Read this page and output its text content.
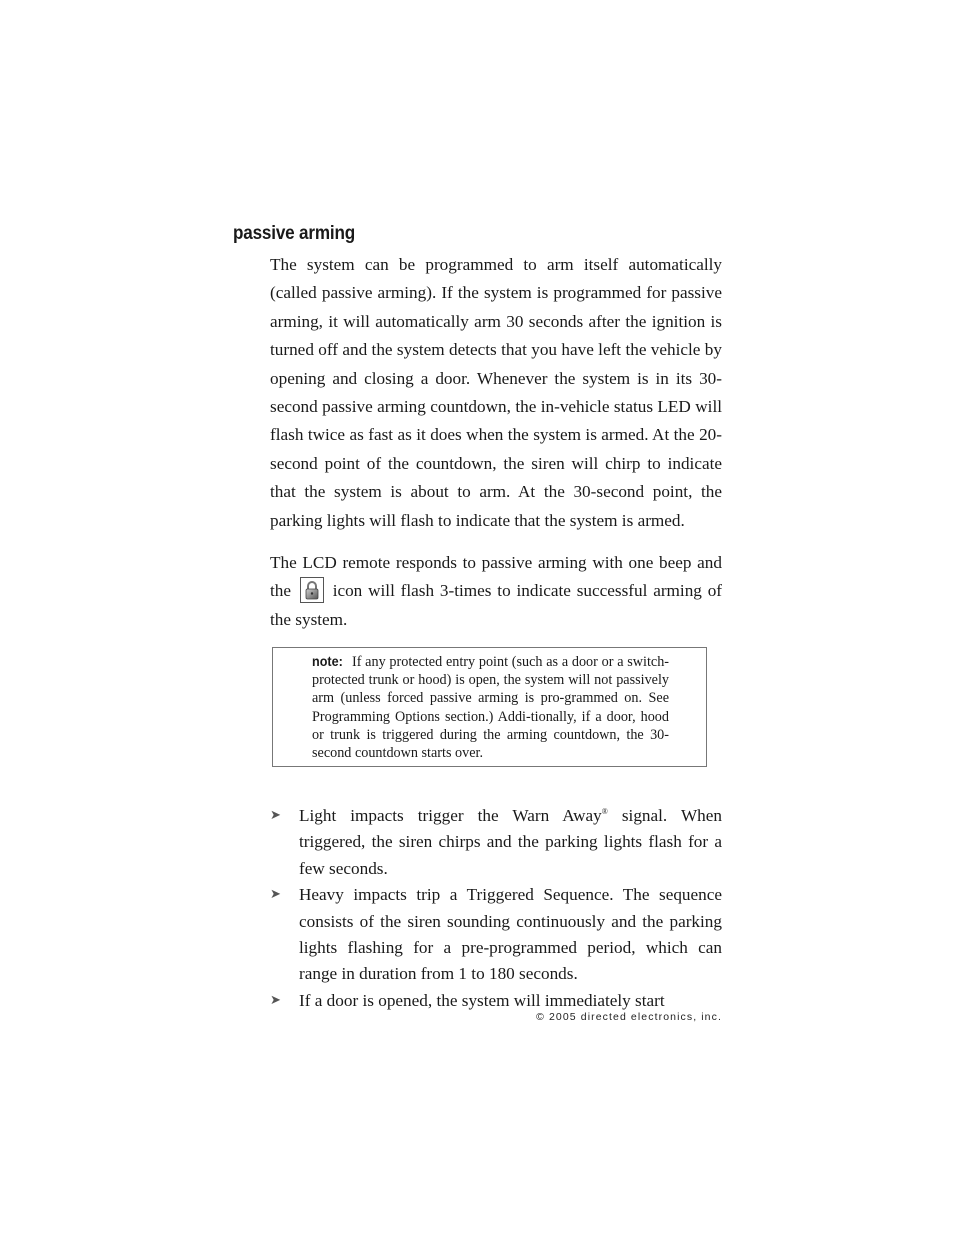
passive arming

The system can be programmed to arm itself automatically (called passive arming). If the system is programmed for passive arming, it will automatically arm 30 seconds after the ignition is turned off and the system detects that you have left the vehicle by opening and closing a door. Whenever the system is in its 30-second passive arming countdown, the in-vehicle status LED will flash twice as fast as it does when the system is armed. At the 20-second point of the countdown, the siren will chirp to indicate that the system is about to arm. At the 30-second point, the parking lights will flash to indicate that the system is armed.

The LCD remote responds to passive arming with one beep and the icon will flash 3-times to indicate successful arming of the system.

note: If any protected entry point (such as a door or a switch-protected trunk or hood) is open, the system will not passively arm (unless forced passive arming is pro-grammed on. See Programming Options section.) Addi-tionally, if a door, hood or trunk is triggered during the arming countdown, the 30-second countdown starts over.

➤ Light impacts trigger the Warn Away® signal. When triggered, the siren chirps and the parking lights flash for a few seconds.
➤ Heavy impacts trip a Triggered Sequence. The sequence consists of the siren sounding continuously and the parking lights flashing for a pre-programmed period, which can range in duration from 1 to 180 seconds.
➤ If a door is opened, the system will immediately start
© 2005 directed electronics, inc.
